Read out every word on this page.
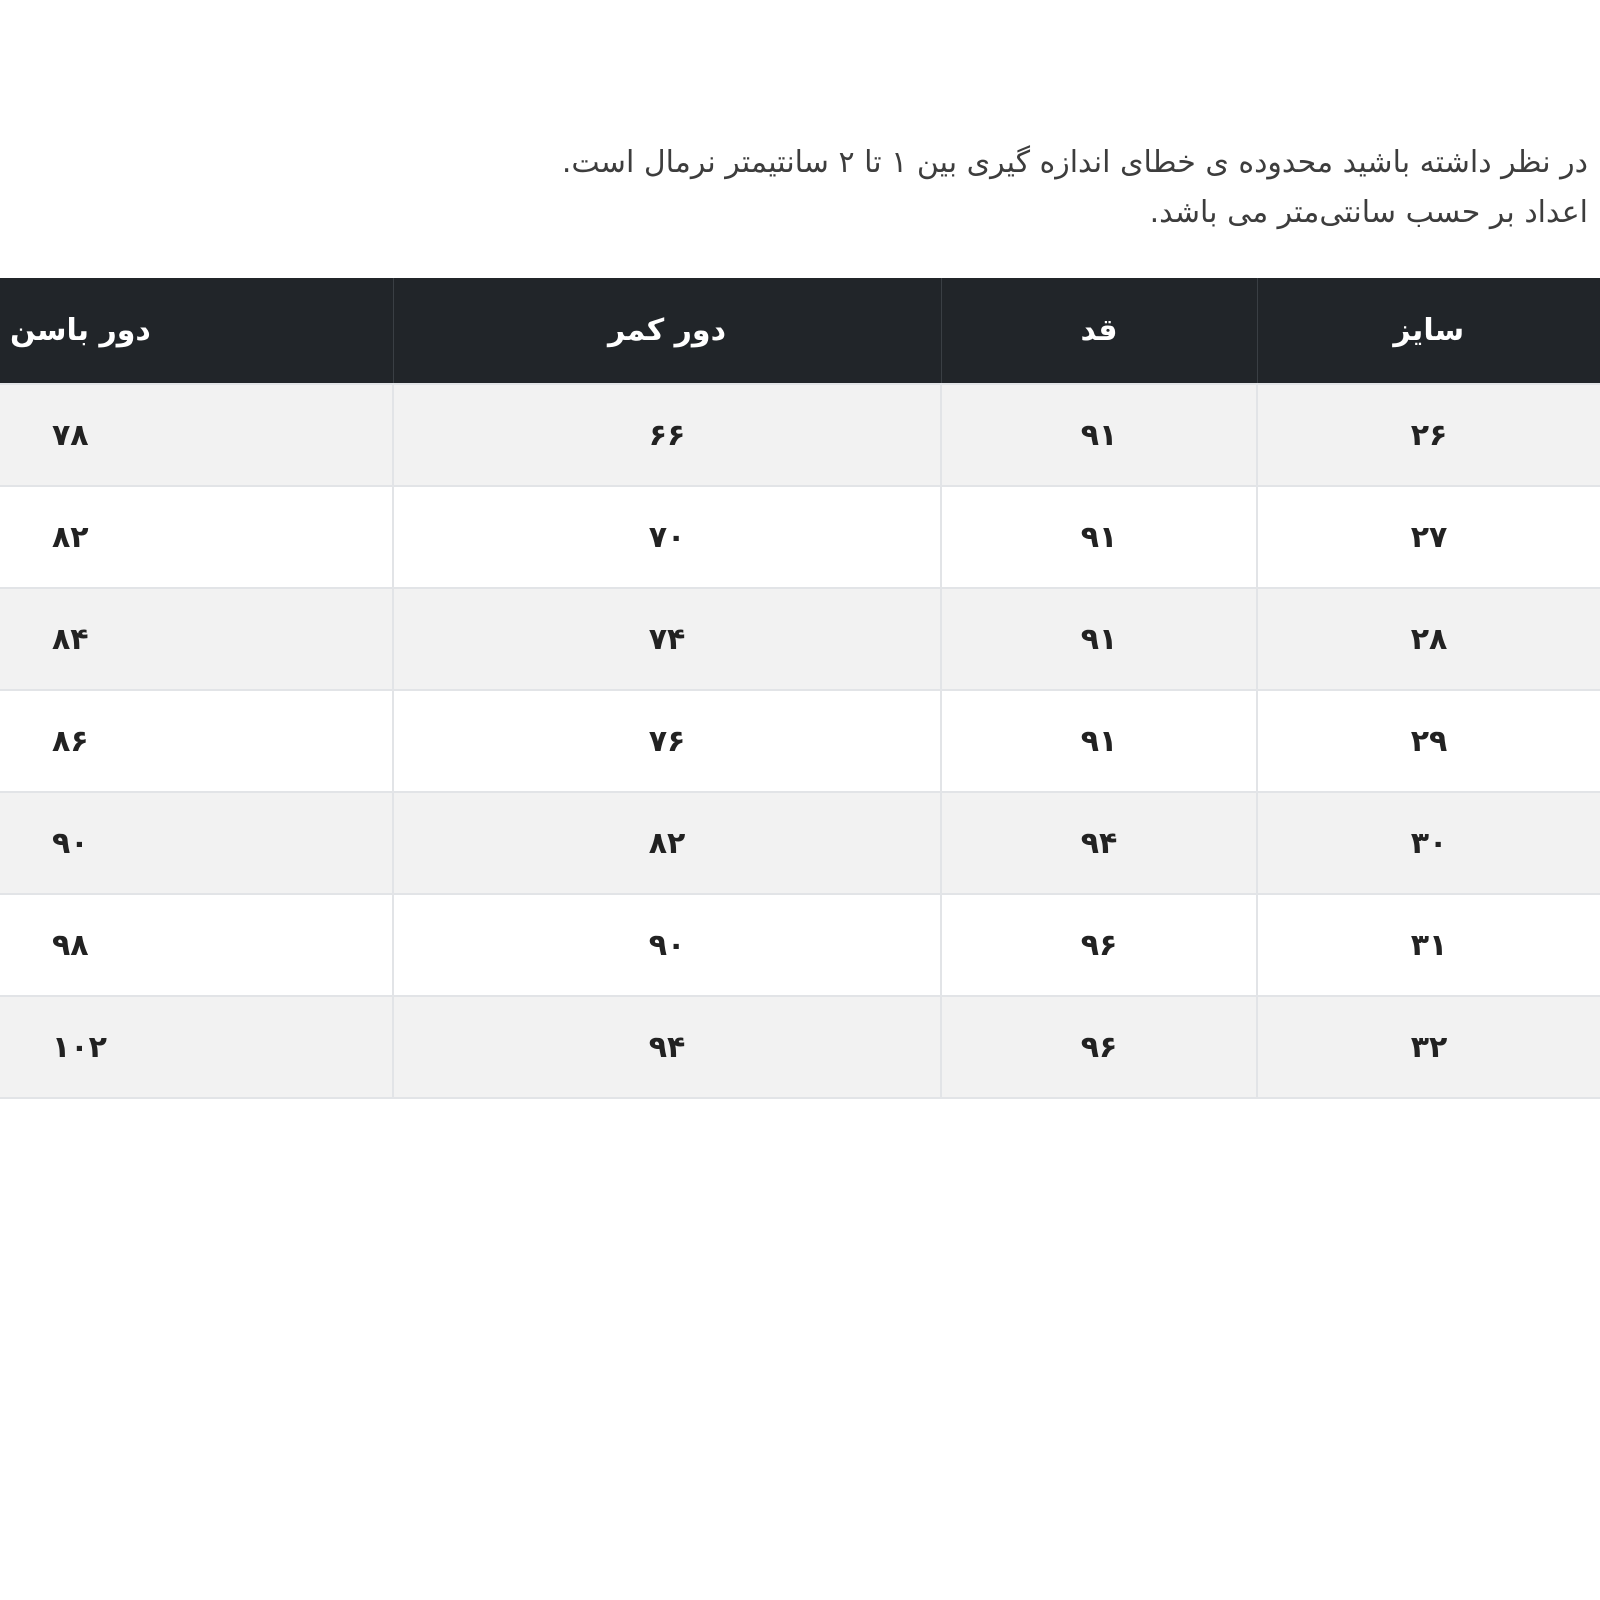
در نظر داشته باشید محدوده ی خطای اندازه گیری بین ۱ تا ۲ سانتیمتر نرمال است.
اعداد بر حسب سانتی‌متر می باشد.
سایز	قد	دور کمر	دور باسن
۲۶	۹۱	۶۶	۷۸
۲۷	۹۱	۷۰	۸۲
۲۸	۹۱	۷۴	۸۴
۲۹	۹۱	۷۶	۸۶
۳۰	۹۴	۸۲	۹۰
۳۱	۹۶	۹۰	۹۸
۳۲	۹۶	۹۴	۱۰۲
